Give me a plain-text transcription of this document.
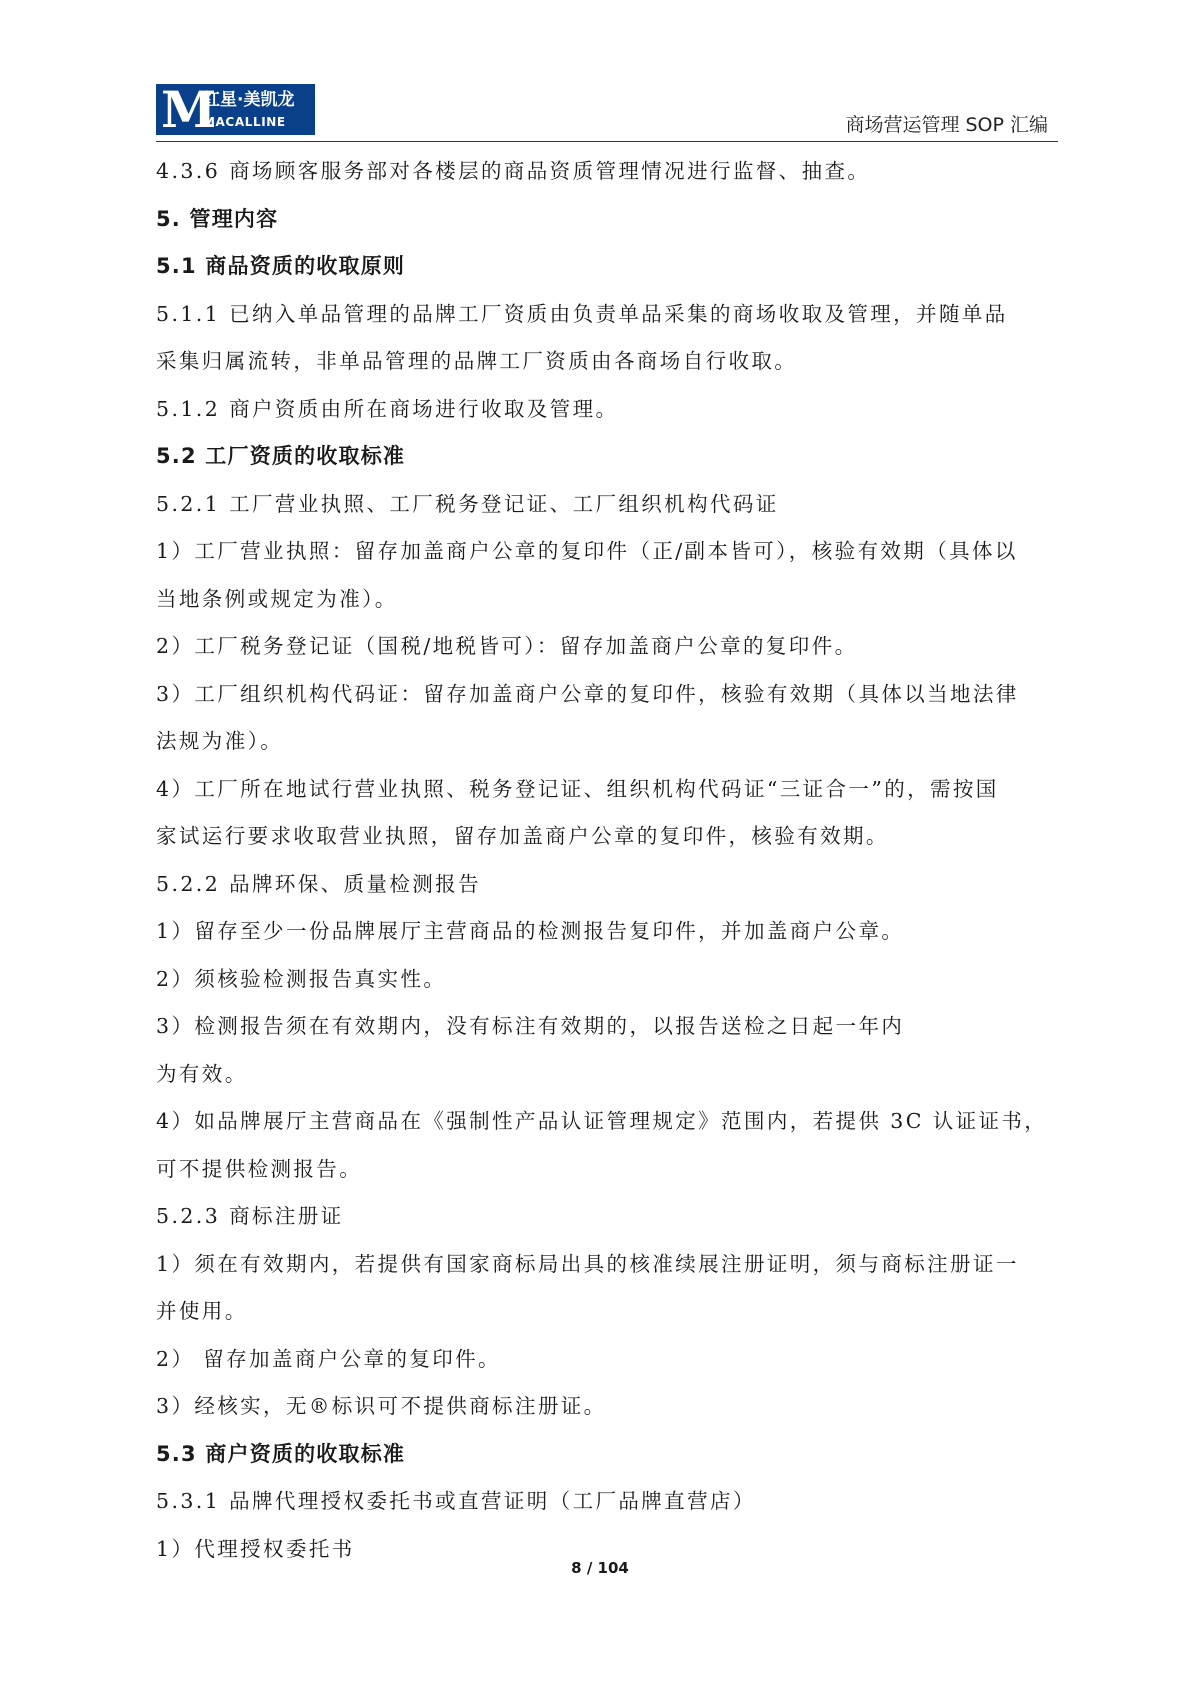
M
红星·美凯龙
MACALLINE	商场营运管理 SOP 汇编
4.3.6 商场顾客服务部对各楼层的商品资质管理情况进行监督、抽查。
5. 管理内容
5.1 商品资质的收取原则
5.1.1 已纳入单品管理的品牌工厂资质由负责单品采集的商场收取及管理，并随单品
采集归属流转，非单品管理的品牌工厂资质由各商场自行收取。
5.1.2 商户资质由所在商场进行收取及管理。
5.2 工厂资质的收取标准
5.2.1 工厂营业执照、工厂税务登记证、工厂组织机构代码证
1）工厂营业执照：留存加盖商户公章的复印件（正/副本皆可），核验有效期（具体以
当地条例或规定为准）。
2）工厂税务登记证（国税/地税皆可）：留存加盖商户公章的复印件。
3）工厂组织机构代码证：留存加盖商户公章的复印件，核验有效期（具体以当地法律
法规为准）。
4）工厂所在地试行营业执照、税务登记证、组织机构代码证“三证合一”的，需按国
家试运行要求收取营业执照，留存加盖商户公章的复印件，核验有效期。
5.2.2 品牌环保、质量检测报告
1）留存至少一份品牌展厅主营商品的检测报告复印件，并加盖商户公章。
2）须核验检测报告真实性。
3）检测报告须在有效期内，没有标注有效期的，以报告送检之日起一年内
为有效。
4）如品牌展厅主营商品在《强制性产品认证管理规定》范围内，若提供 3C 认证证书，
可不提供检测报告。
5.2.3 商标注册证
1）须在有效期内，若提供有国家商标局出具的核准续展注册证明，须与商标注册证一
并使用。
2） 留存加盖商户公章的复印件。
3）经核实，无®标识可不提供商标注册证。
5.3 商户资质的收取标准
5.3.1 品牌代理授权委托书或直营证明（工厂品牌直营店）
1）代理授权委托书
8 / 104
